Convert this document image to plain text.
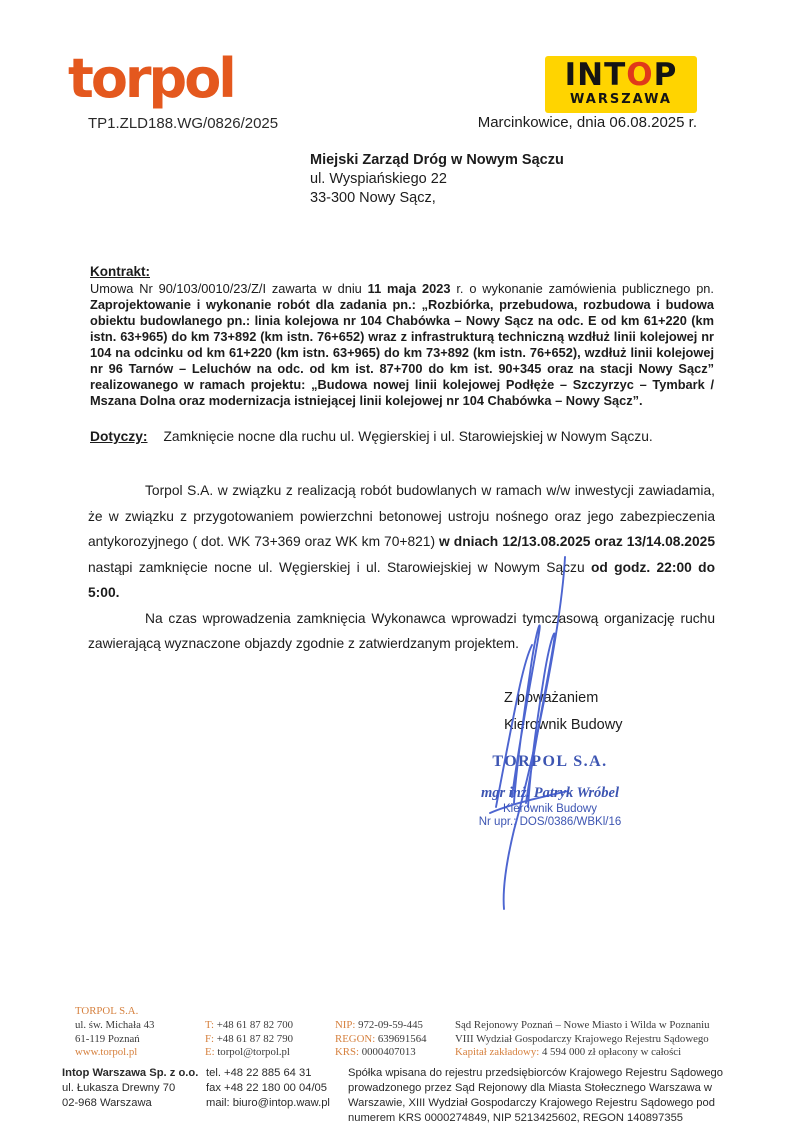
torpol
TP1.ZLD188.WG/0826/2025
INTOP
WARSZAWA
Marcinkowice, dnia 06.08.2025 r.
Miejski Zarząd Dróg w Nowym Sączu
ul. Wyspiańskiego 22
33-300 Nowy Sącz,
Kontrakt:
Umowa Nr 90/103/0010/23/Z/I zawarta w dniu 11 maja 2023 r. o wykonanie zamówienia publicznego pn. Zaprojektowanie i wykonanie robót dla zadania pn.: „Rozbiórka, przebudowa, rozbudowa i budowa obiektu budowlanego pn.: linia kolejowa nr 104 Chabówka – Nowy Sącz na odc. E od km 61+220 (km istn. 63+965) do km 73+892 (km istn. 76+652) wraz z infrastrukturą techniczną wzdłuż linii kolejowej nr 104 na odcinku od km 61+220 (km istn. 63+965) do km 73+892 (km istn. 76+652), wzdłuż linii kolejowej nr 96 Tarnów – Leluchów na odc. od km ist. 87+700 do km ist. 90+345 oraz na stacji Nowy Sącz” realizowanego w ramach projektu: „Budowa nowej linii kolejowej Podłęże – Szczyrzyc – Tymbark / Mszana Dolna oraz modernizacja istniejącej linii kolejowej nr 104 Chabówka – Nowy Sącz”.
Dotyczy: Zamknięcie nocne dla ruchu ul. Węgierskiej i ul. Starowiejskiej w Nowym Sączu.

Torpol S.A. w związku z realizacją robót budowlanych w ramach w/w inwestycji zawiadamia, że w związku z przygotowaniem powierzchni betonowej ustroju nośnego oraz jego zabezpieczenia antykorozyjnego ( dot. WK 73+369 oraz WK km 70+821) w dniach 12/13.08.2025 oraz 13/14.08.2025 nastąpi zamknięcie nocne ul. Węgierskiej i ul. Starowiejskiej w Nowym Sączu od godz. 22:00 do 5:00.

Na czas wprowadzenia zamknięcia Wykonawca wprowadzi tymczasową organizację ruchu zawierającą wyznaczone objazdy zgodnie z zatwierdzanym projektem.

Z poważaniem
Kierownik Budowy
TORPOL S.A.
mgr inż. Patryk Wróbel
Kierownik Budowy
Nr upr.: DOS/0386/WBKl/16
TORPOL S.A.
ul. św. Michała 43
61-119 Poznań
www.torpol.pl

T: +48 61 87 82 700
F: +48 61 87 82 790
E: torpol@torpol.pl

NIP: 972-09-59-445
REGON: 639691564
KRS: 0000407013

Sąd Rejonowy Poznań – Nowe Miasto i Wilda w Poznaniu
VIII Wydział Gospodarczy Krajowego Rejestru Sądowego
Kapitał zakładowy: 4 594 000 zł opłacony w całości
Intop Warszawa Sp. z o.o.
ul. Łukasza Drewny 70
02-968 Warszawa
tel. +48 22 885 64 31
fax +48 22 180 00 04/05
mail: biuro@intop.waw.pl
Spółka wpisana do rejestru przedsiębiorców Krajowego Rejestru Sądowego prowadzonego przez Sąd Rejonowy dla Miasta Stołecznego Warszawa w Warszawie, XIII Wydział Gospodarczy Krajowego Rejestru Sądowego pod numerem KRS 0000274849, NIP 5213425602, REGON 140897355
